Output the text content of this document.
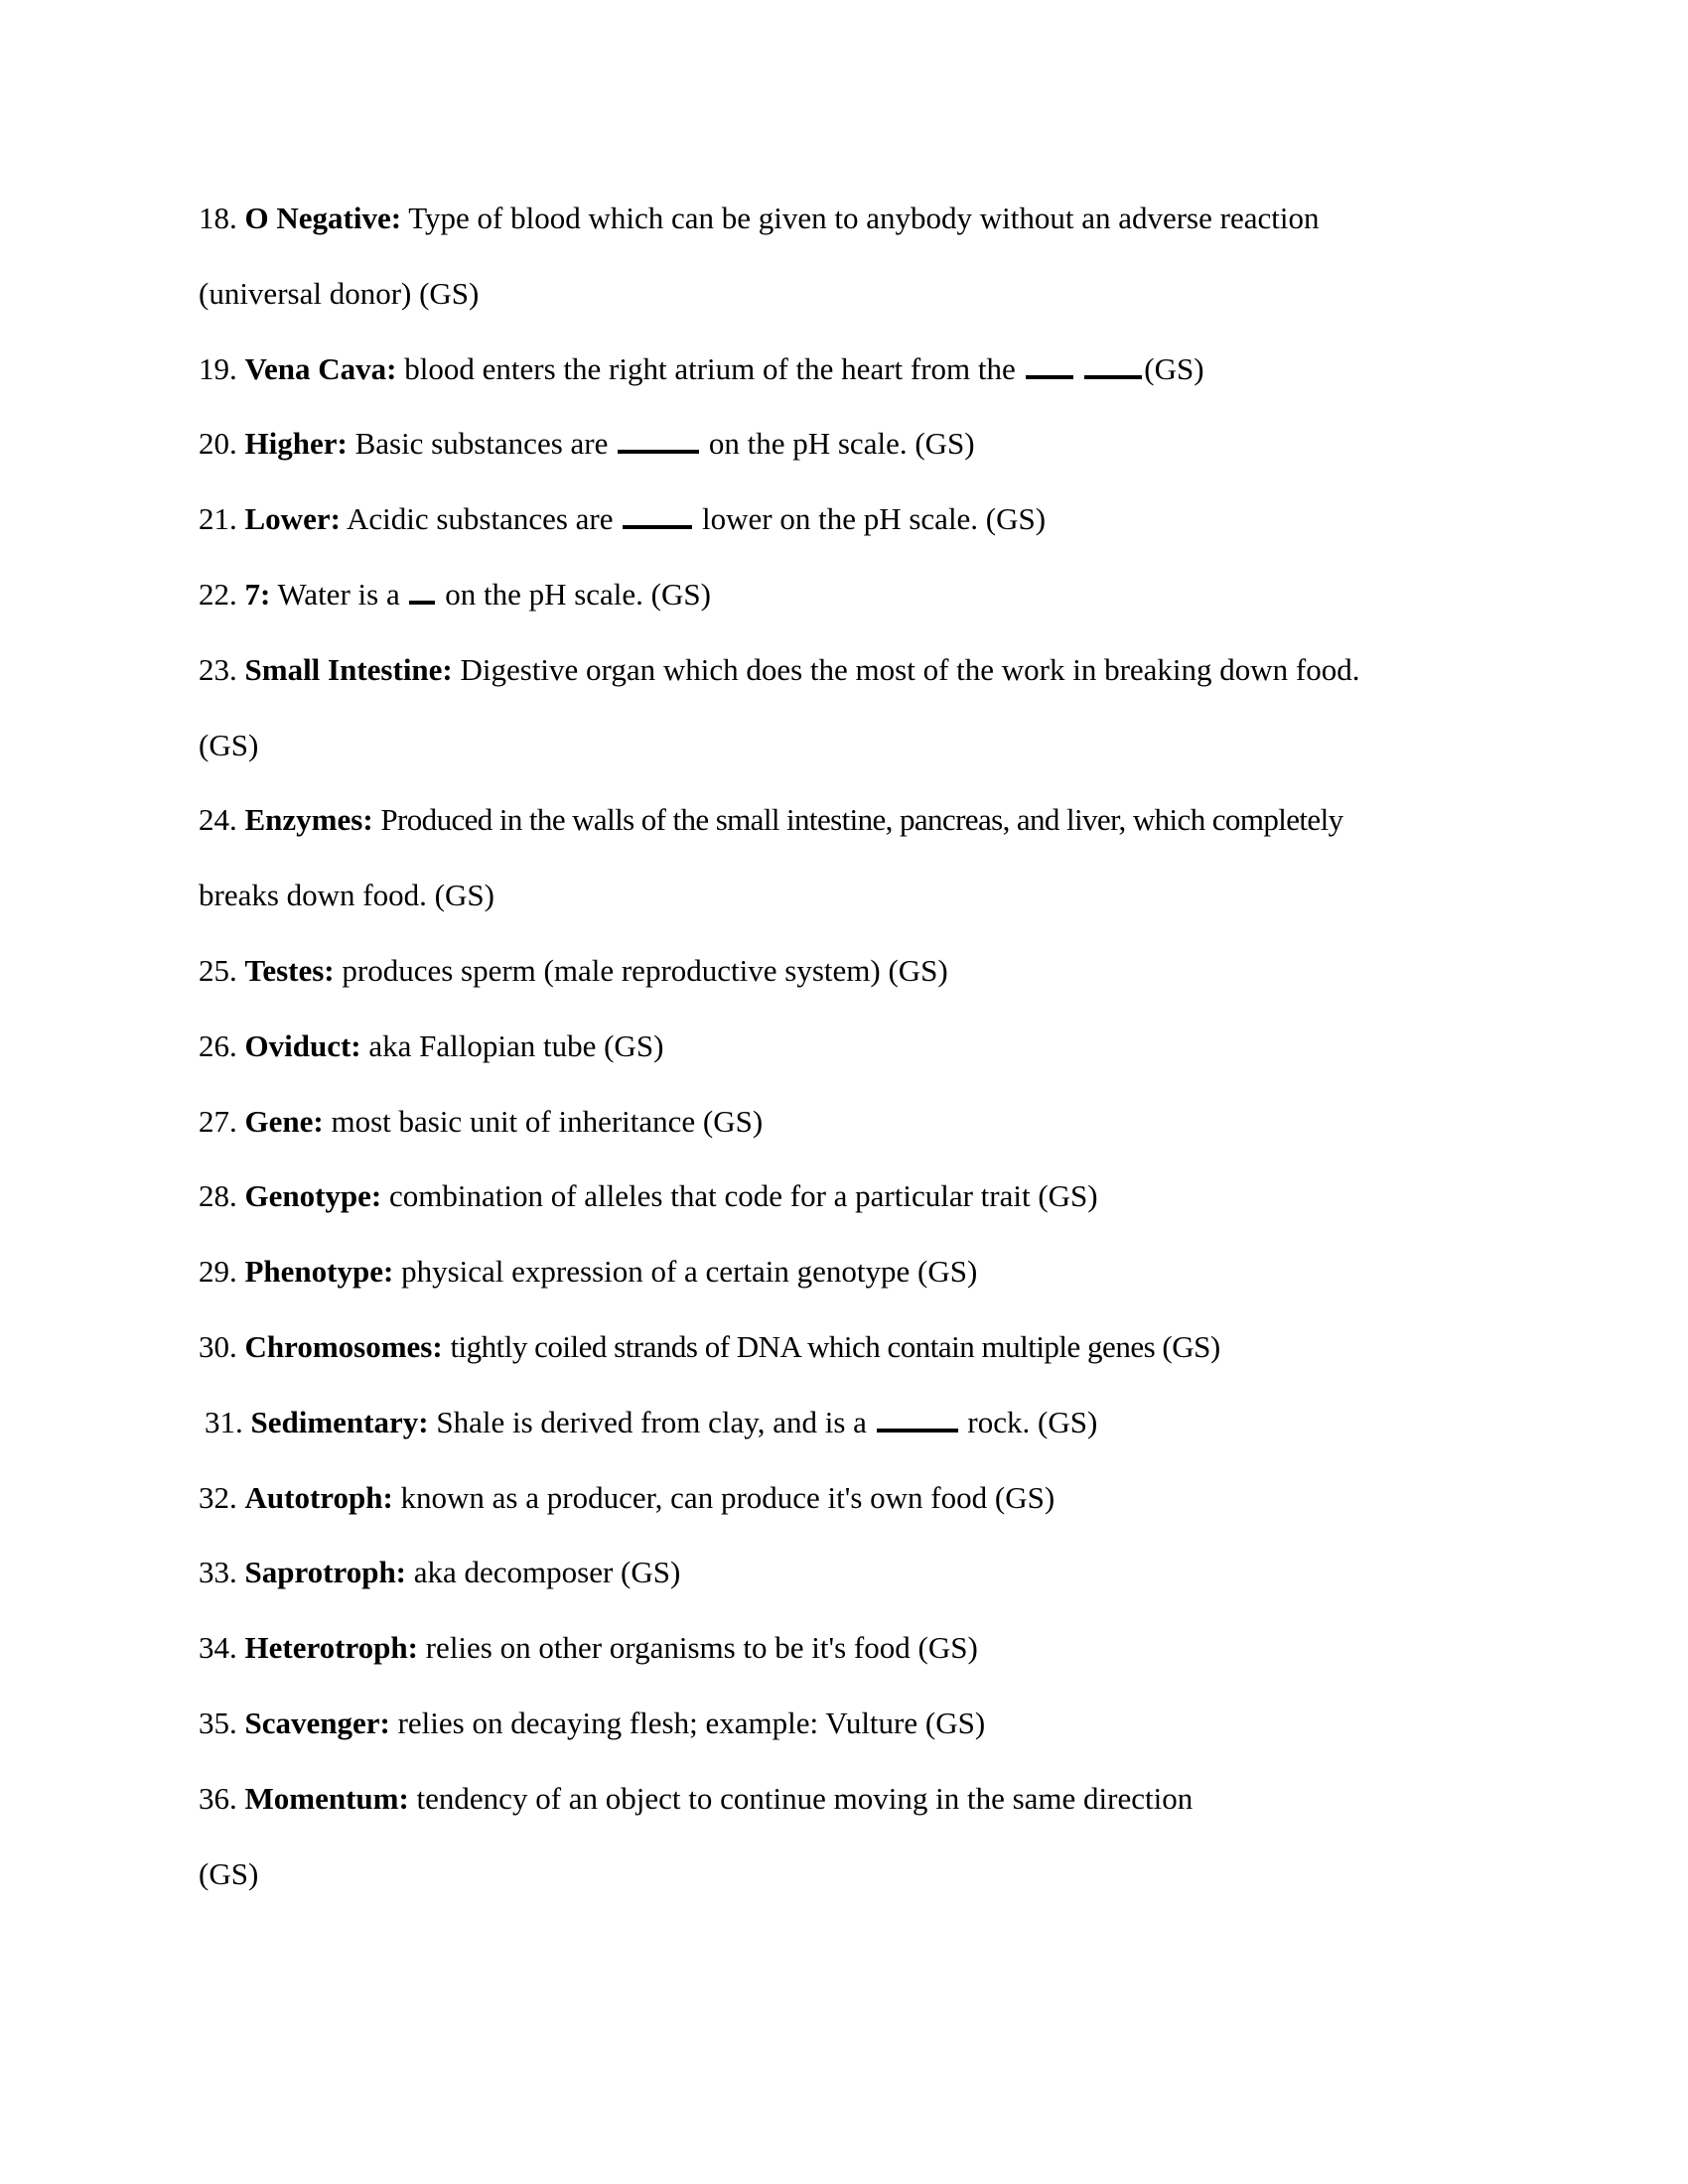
18. O Negative: Type of blood which can be given to anybody without an adverse reaction
(universal donor) (GS)
19. Vena Cava: blood enters the right atrium of the heart from the	(GS)
20. Higher: Basic substances are	on the pH scale. (GS)
21. Lower: Acidic substances are	lower on the pH scale. (GS)
22. 7: Water is a on the pH scale. (GS)
23. Small Intestine: Digestive organ which does the most of the work in breaking down food.
(GS)
24. Enzymes: Produced in the walls of the small intestine, pancreas, and liver, which completely
breaks down food. (GS)
25. Testes: produces sperm (male reproductive system) (GS)
26. Oviduct: aka Fallopian tube (GS)
27. Gene: most basic unit of inheritance (GS)
28. Genotype: combination of alleles that code for a particular trait (GS)
29. Phenotype: physical expression of a certain genotype (GS)
30. Chromosomes: tightly coiled strands of DNA which contain multiple genes (GS)
31. Sedimentary: Shale is derived from clay, and is a	rock. (GS)
32. Autotroph: known as a producer, can produce it's own food (GS)
33. Saprotroph: aka decomposer (GS)
34. Heterotroph: relies on other organisms to be it's food (GS)
35. Scavenger: relies on decaying flesh; example: Vulture (GS)
36. Momentum: tendency of an object to continue moving in the same direction
(GS)
